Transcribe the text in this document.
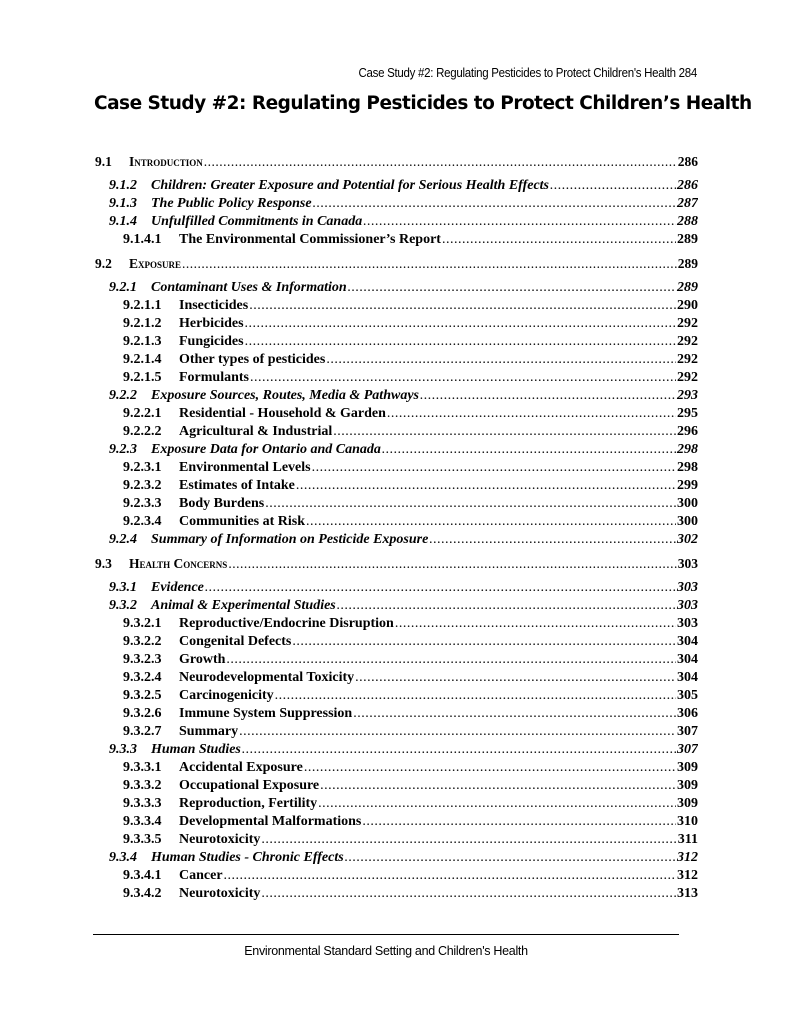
Case Study #2: Regulating Pesticides to Protect Children's Health 284
Case Study #2: Regulating Pesticides to Protect Children’s Health
9.1	Introduction .....	286
9.1.2	Children: Greater Exposure and Potential for Serious Health Effects .....	286
9.1.3	The Public Policy Response .....	287
9.1.4	Unfulfilled Commitments in Canada .....	288
9.1.4.1	The Environmental Commissioner’s Report .....	289
9.2	Exposure .....	289
9.2.1	Contaminant Uses & Information .....	289
9.2.1.1	Insecticides .....	290
9.2.1.2	Herbicides .....	292
9.2.1.3	Fungicides .....	292
9.2.1.4	Other types of pesticides .....	292
9.2.1.5	Formulants .....	292
9.2.2	Exposure Sources, Routes, Media & Pathways .....	293
9.2.2.1	Residential - Household & Garden .....	295
9.2.2.2	Agricultural & Industrial .....	296
9.2.3	Exposure Data for Ontario and Canada .....	298
9.2.3.1	Environmental Levels .....	298
9.2.3.2	Estimates of Intake .....	299
9.2.3.3	Body Burdens .....	300
9.2.3.4	Communities at Risk .....	300
9.2.4	Summary of Information on Pesticide Exposure .....	302
9.3	Health Concerns .....	303
9.3.1	Evidence .....	303
9.3.2	Animal & Experimental Studies .....	303
9.3.2.1	Reproductive/Endocrine Disruption .....	303
9.3.2.2	Congenital Defects .....	304
9.3.2.3	Growth .....	304
9.3.2.4	Neurodevelopmental Toxicity .....	304
9.3.2.5	Carcinogenicity .....	305
9.3.2.6	Immune System Suppression .....	306
9.3.2.7	Summary .....	307
9.3.3	Human Studies .....	307
9.3.3.1	Accidental Exposure .....	309
9.3.3.2	Occupational Exposure .....	309
9.3.3.3	Reproduction, Fertility .....	309
9.3.3.4	Developmental Malformations .....	310
9.3.3.5	Neurotoxicity .....	311
9.3.4	Human Studies - Chronic Effects .....	312
9.3.4.1	Cancer .....	312
9.3.4.2	Neurotoxicity .....	313
Environmental Standard Setting and Children's Health
